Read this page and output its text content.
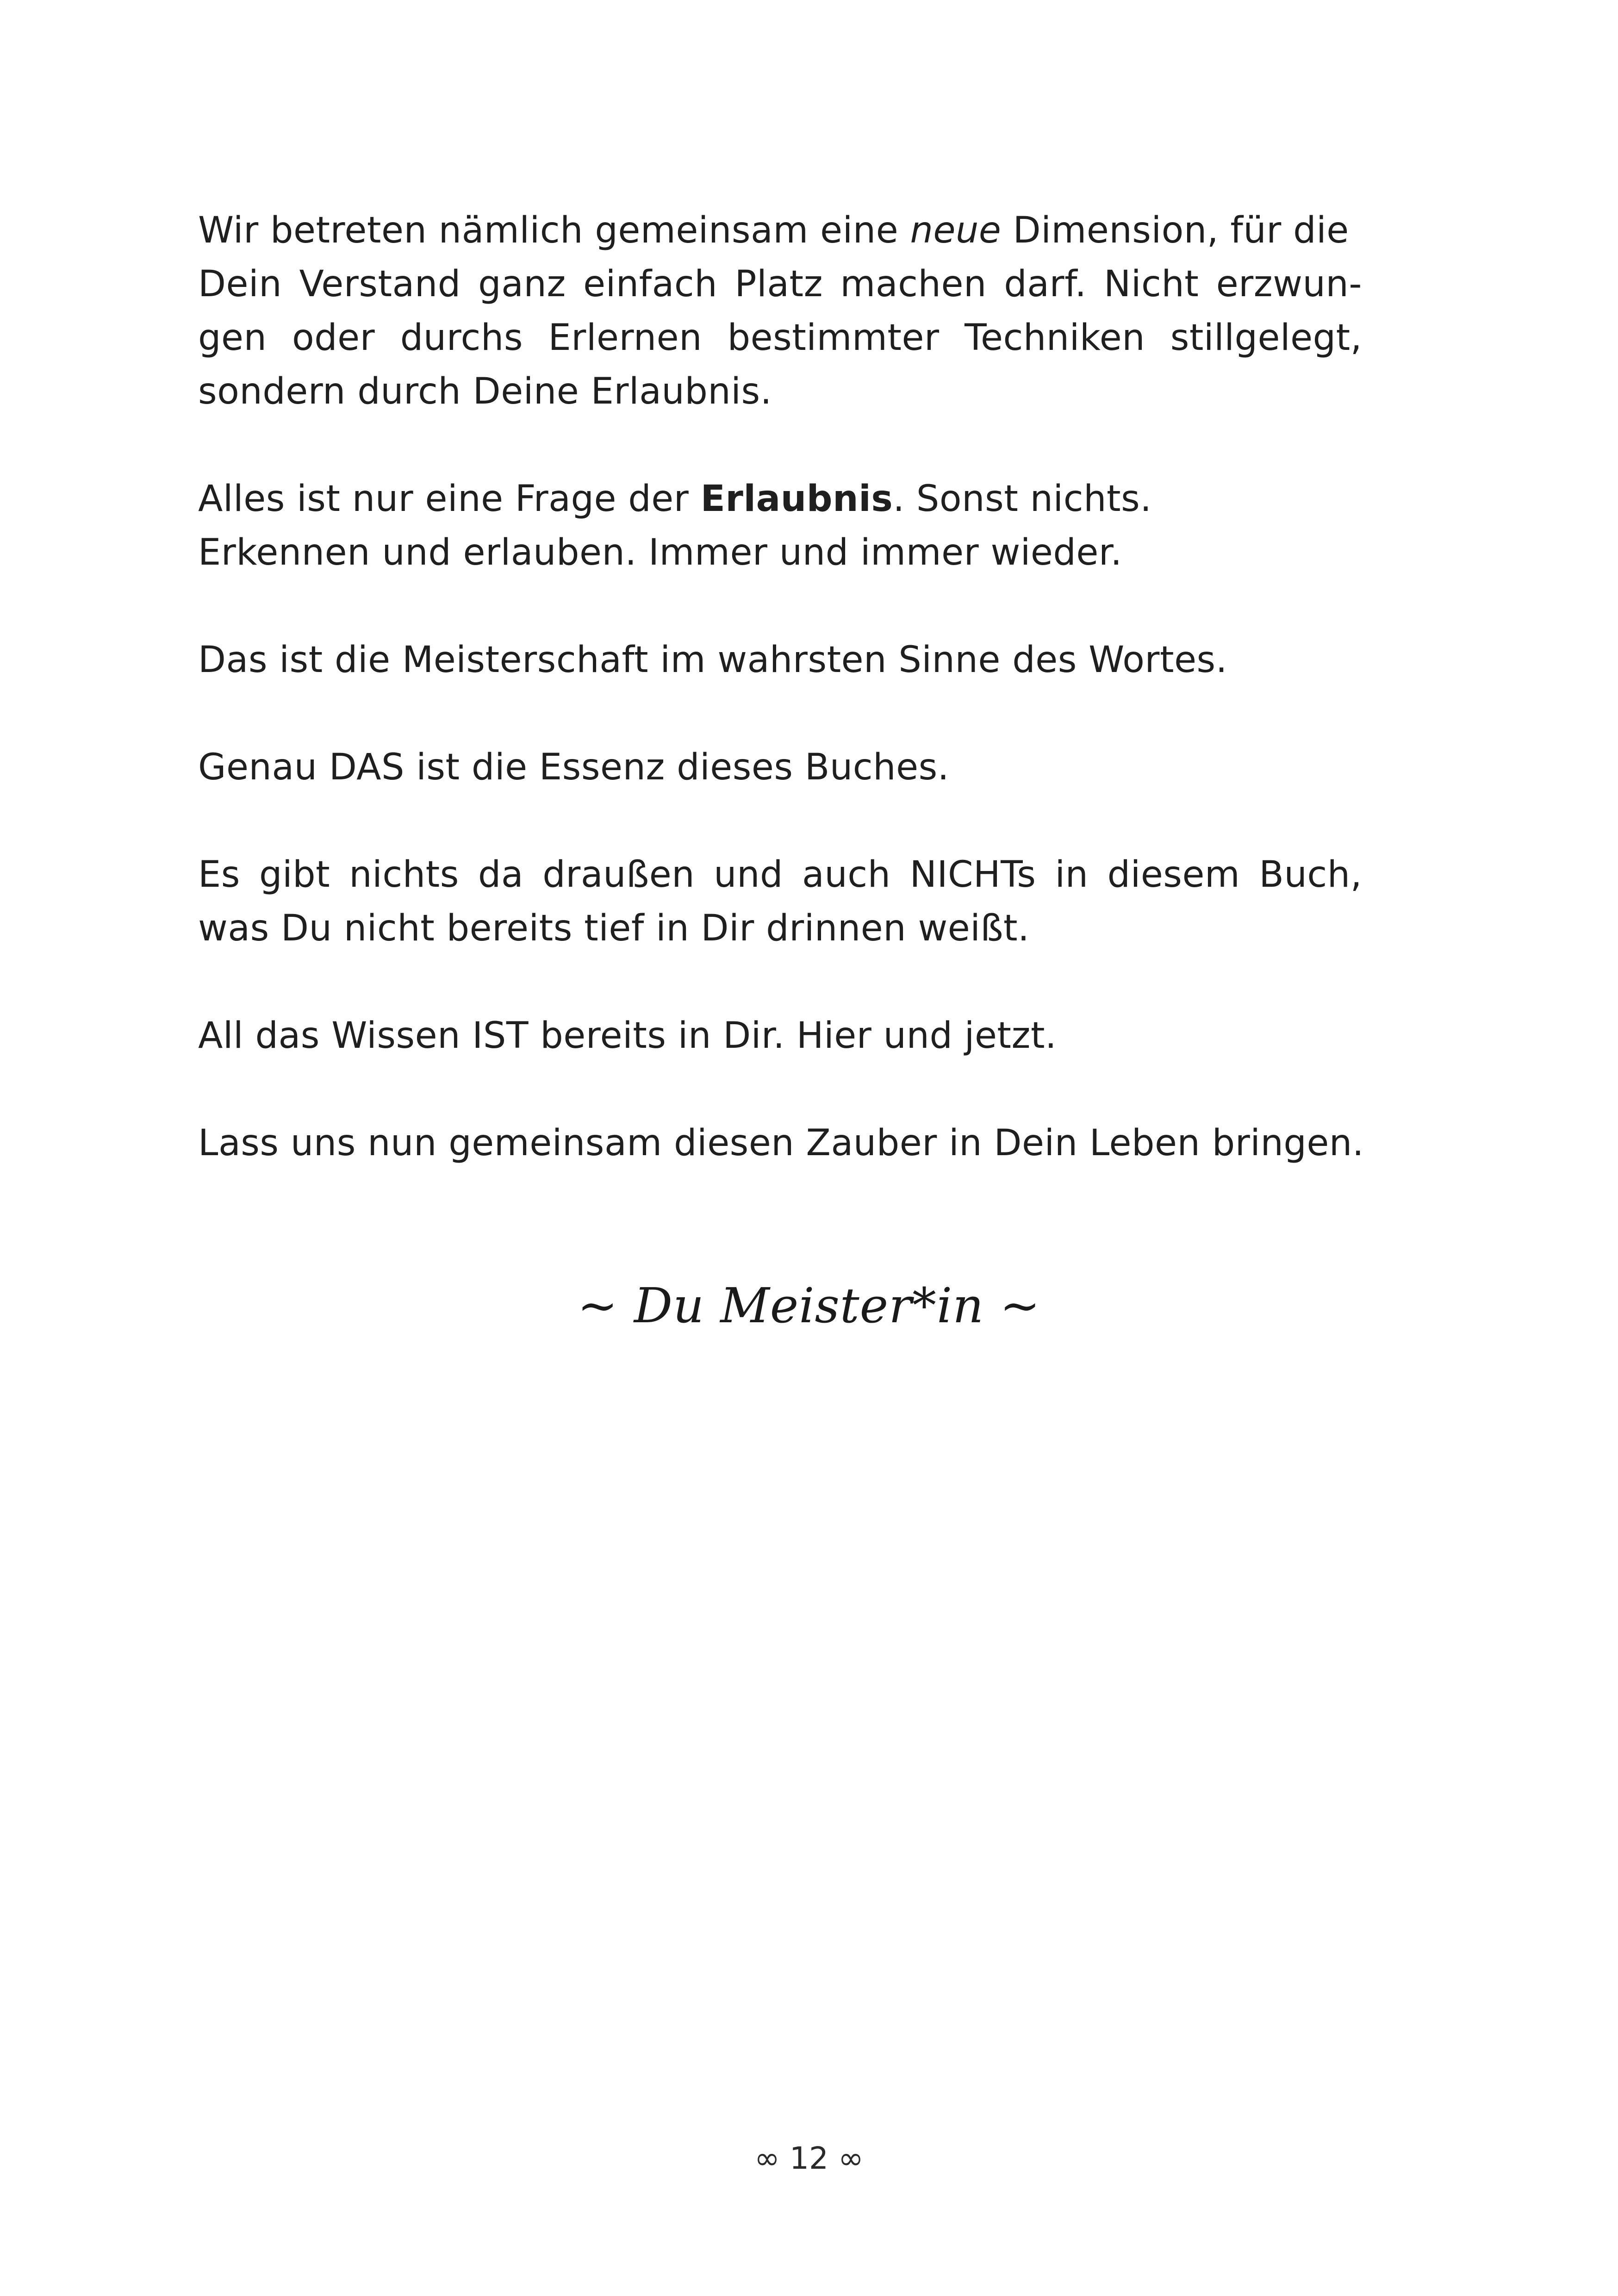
Wir betreten nämlich gemeinsam eine neue Dimension, für die
Dein Verstand ganz einfach Platz machen darf. Nicht erzwun-
gen oder durchs Erlernen bestimmter Techniken stillgelegt,
sondern durch Deine Erlaubnis.
Alles ist nur eine Frage der Erlaubnis. Sonst nichts.
Erkennen und erlauben. Immer und immer wieder.
Das ist die Meisterschaft im wahrsten Sinne des Wortes.
Genau DAS ist die Essenz dieses Buches.
Es gibt nichts da draußen und auch NICHTs in diesem Buch,
was Du nicht bereits tief in Dir drinnen weißt.
All das Wissen IST bereits in Dir. Hier und jetzt.
Lass uns nun gemeinsam diesen Zauber in Dein Leben bringen.
~ Du Meister*in ~
∞ 12 ∞
